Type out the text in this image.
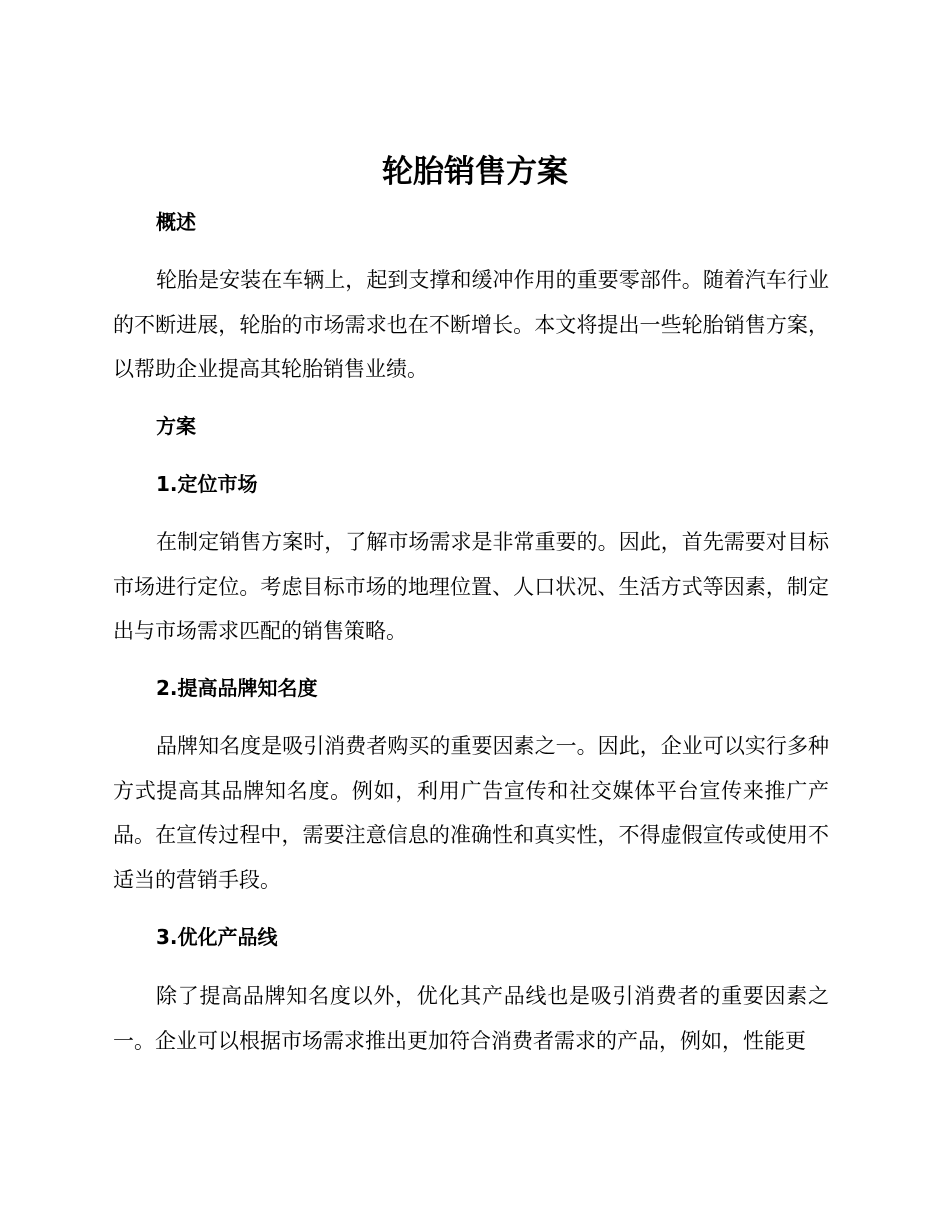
轮胎销售方案
概述

轮胎是安装在车辆上，起到支撑和缓冲作用的重要零部件。随着汽车行业的不断进展，轮胎的市场需求也在不断增长。本文将提出一些轮胎销售方案，以帮助企业提高其轮胎销售业绩。

方案
1.定位市场

在制定销售方案时，了解市场需求是非常重要的。因此，首先需要对目标市场进行定位。考虑目标市场的地理位置、人口状况、生活方式等因素，制定出与市场需求匹配的销售策略。

2.提高品牌知名度

品牌知名度是吸引消费者购买的重要因素之一。因此，企业可以实行多种方式提高其品牌知名度。例如，利用广告宣传和社交媒体平台宣传来推广产品。在宣传过程中，需要注意信息的准确性和真实性，不得虚假宣传或使用不适当的营销手段。

3.优化产品线

除了提高品牌知名度以外，优化其产品线也是吸引消费者的重要因素之一。企业可以根据市场需求推出更加符合消费者需求的产品，例如，性能更
